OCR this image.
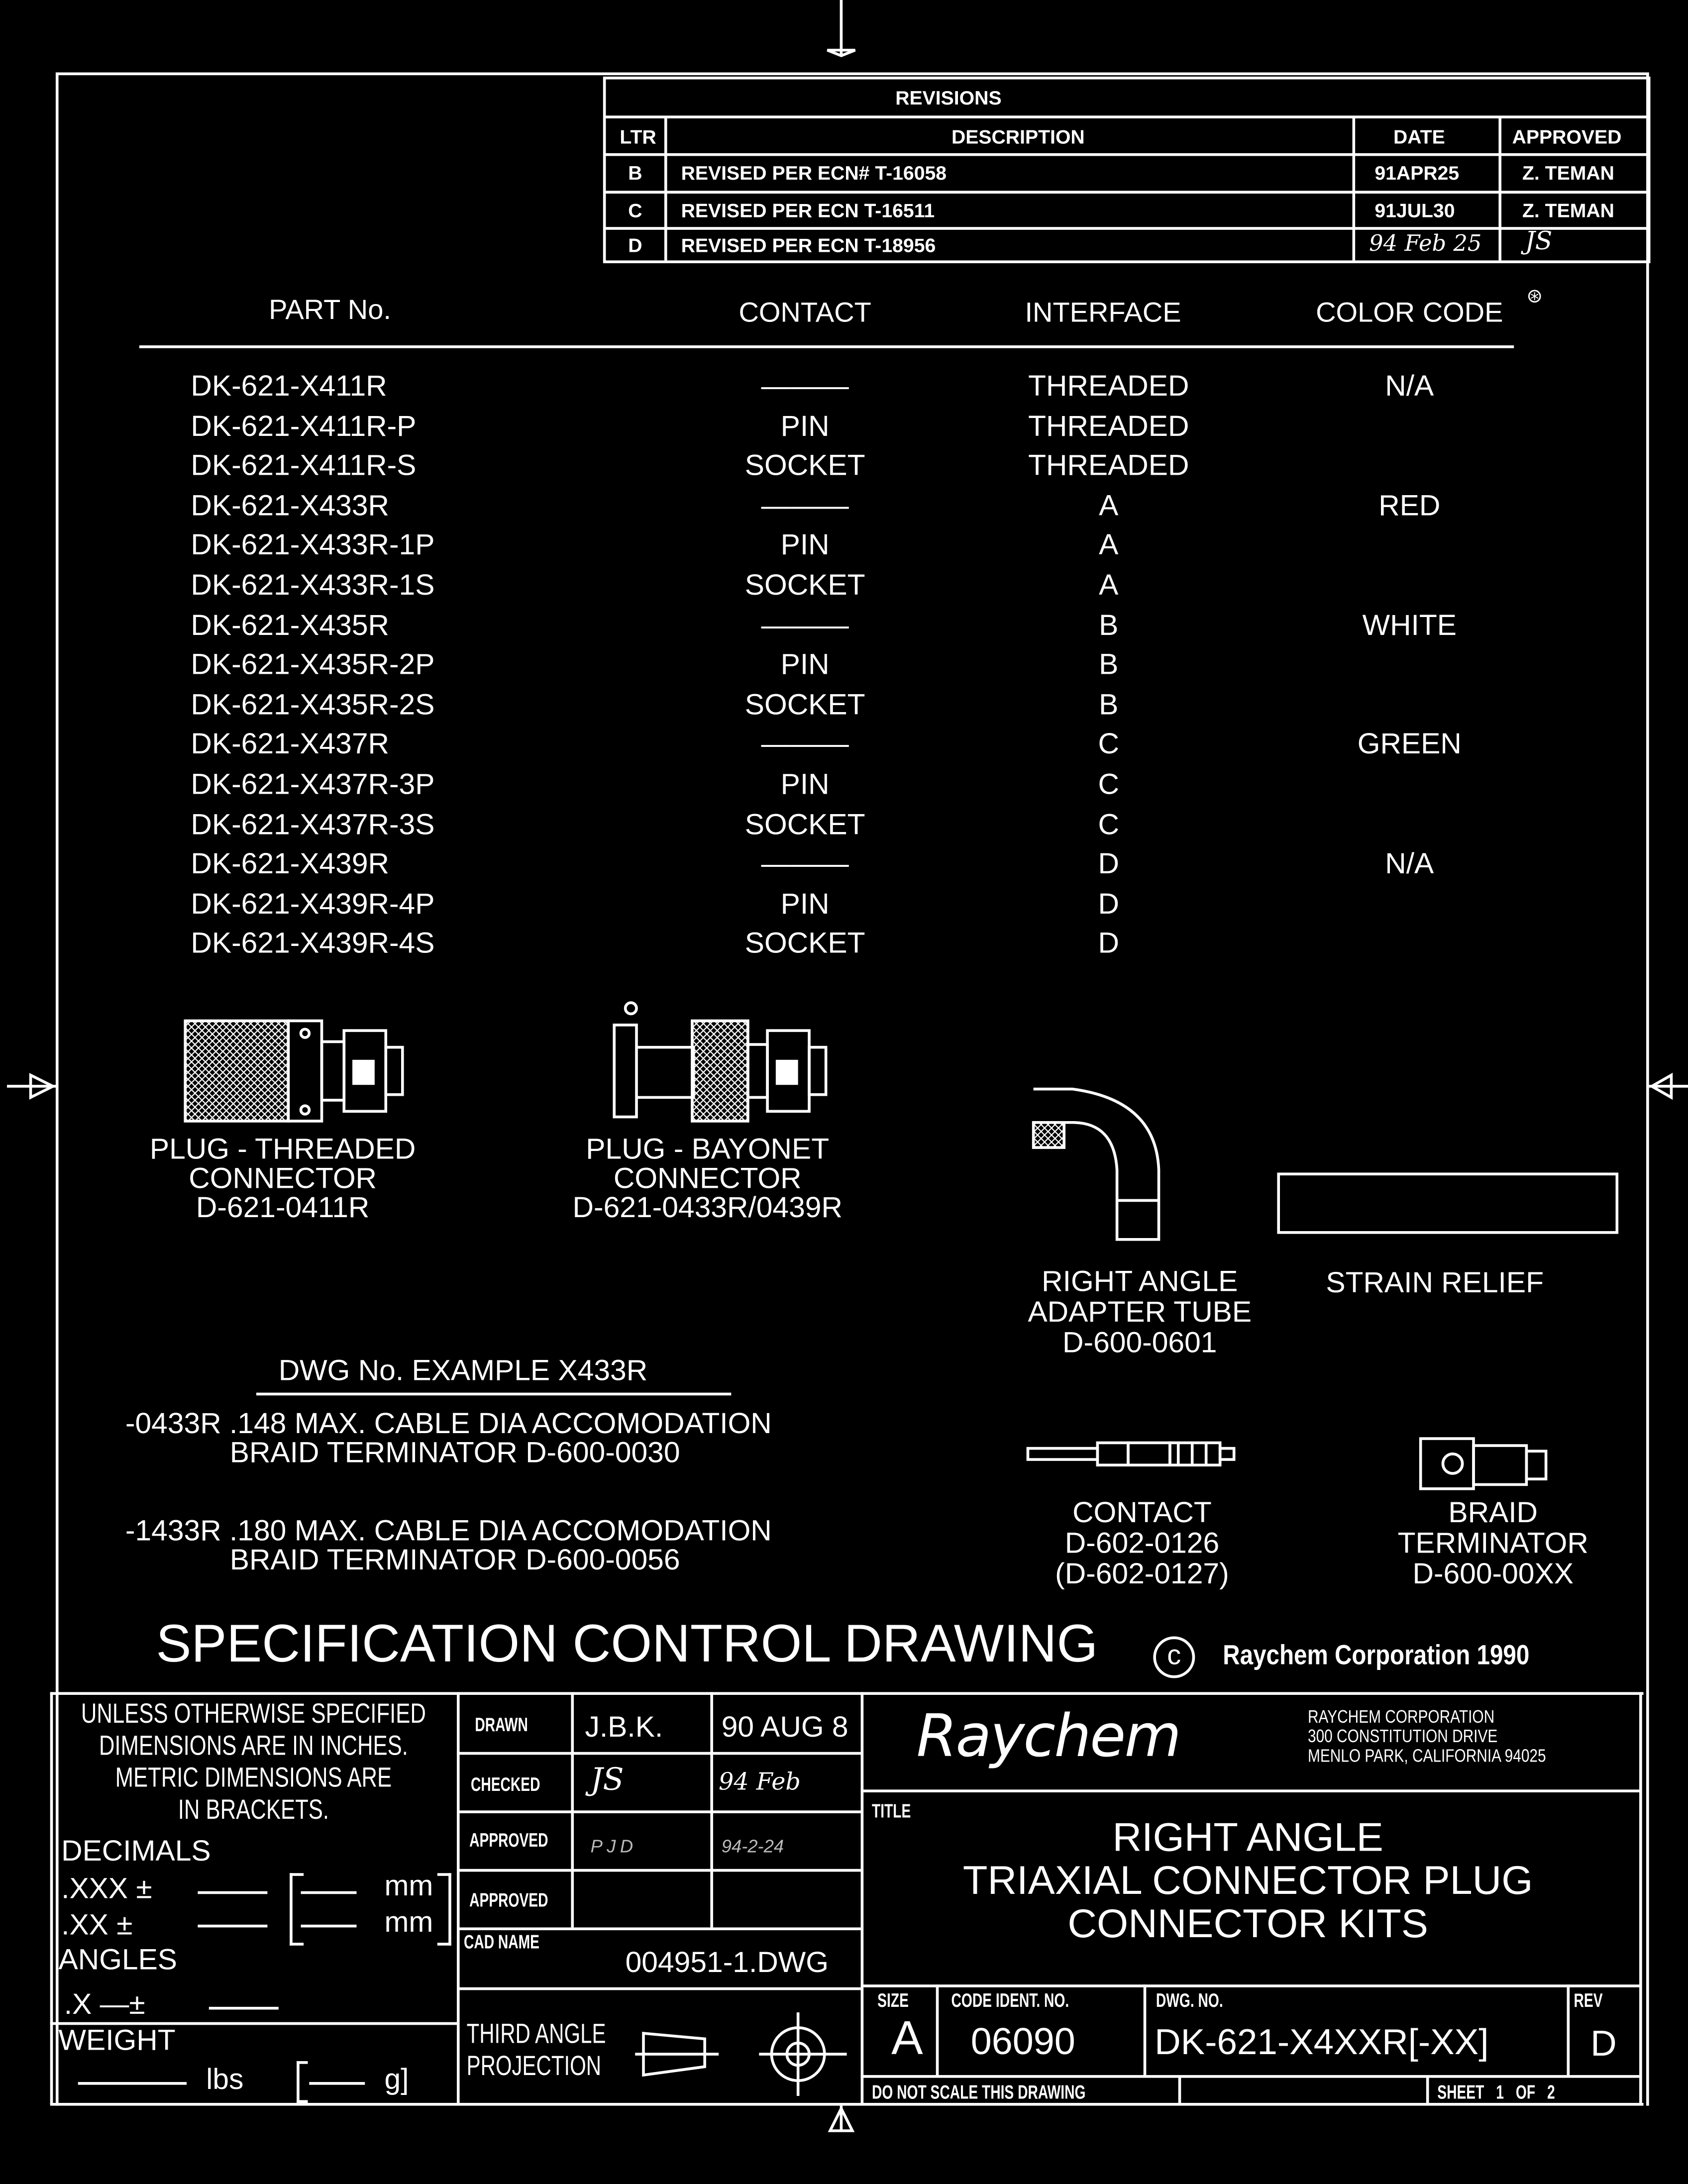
REVISIONS
LTR	DESCRIPTION	DATE	APPROVED
B	REVISED PER ECN# T-16058	91APR25	Z. TEMAN
C	REVISED PER ECN T-16511	91JUL30	Z. TEMAN
D	REVISED PER ECN T-18956	94 Feb 25	JS
PART No.	CONTACT	INTERFACE	COLOR CODE
⊛
DK-621-X411R	———	THREADED	N/A
DK-621-X411R-P	PIN	THREADED
DK-621-X411R-S	SOCKET	THREADED
DK-621-X433R	———	A	RED
DK-621-X433R-1P	PIN	A
DK-621-X433R-1S	SOCKET	A
DK-621-X435R	———	B	WHITE
DK-621-X435R-2P	PIN	B
DK-621-X435R-2S	SOCKET	B
DK-621-X437R	———	C	GREEN
DK-621-X437R-3P	PIN	C
DK-621-X437R-3S	SOCKET	C
DK-621-X439R	———	D	N/A
DK-621-X439R-4P	PIN	D
DK-621-X439R-4S	SOCKET	D
PLUG - THREADED
CONNECTOR
D-621-0411R
PLUG - BAYONET
CONNECTOR
D-621-0433R/0439R
RIGHT ANGLE
ADAPTER TUBE
D-600-0601
STRAIN RELIEF
CONTACT
D-602-0126
(D-602-0127)
BRAID
TERMINATOR
D-600-00XX
DWG No. EXAMPLE X433R
-0433R .148 MAX. CABLE DIA ACCOMODATION
BRAID TERMINATOR D-600-0030
-1433R .180 MAX. CABLE DIA ACCOMODATION
BRAID TERMINATOR D-600-0056
SPECIFICATION CONTROL DRAWING	c	Raychem Corporation 1990
UNLESS OTHERWISE SPECIFIED
DIMENSIONS ARE IN INCHES.
METRIC DIMENSIONS ARE
IN BRACKETS.
DECIMALS
.XXX ±
.XX ±
mm
mm
ANGLES
.X —±
WEIGHT
lbs	g]
DRAWN	J.B.K.	90 AUG 8
CHECKED	JS	94 Feb
APPROVED	PJD	94-2-24
APPROVED
CAD NAME
004951-1.DWG
THIRD ANGLE
PROJECTION
Raychem	RAYCHEM CORPORATION
300 CONSTITUTION DRIVE
MENLO PARK, CALIFORNIA 94025
TITLE
RIGHT ANGLE
TRIAXIAL CONNECTOR PLUG
CONNECTOR KITS
SIZE
A
CODE IDENT. NO.
06090
DWG. NO.
DK-621-X4XXR[-XX]
REV
D
DO NOT SCALE THIS DRAWING	SHEET 1 OF 2
